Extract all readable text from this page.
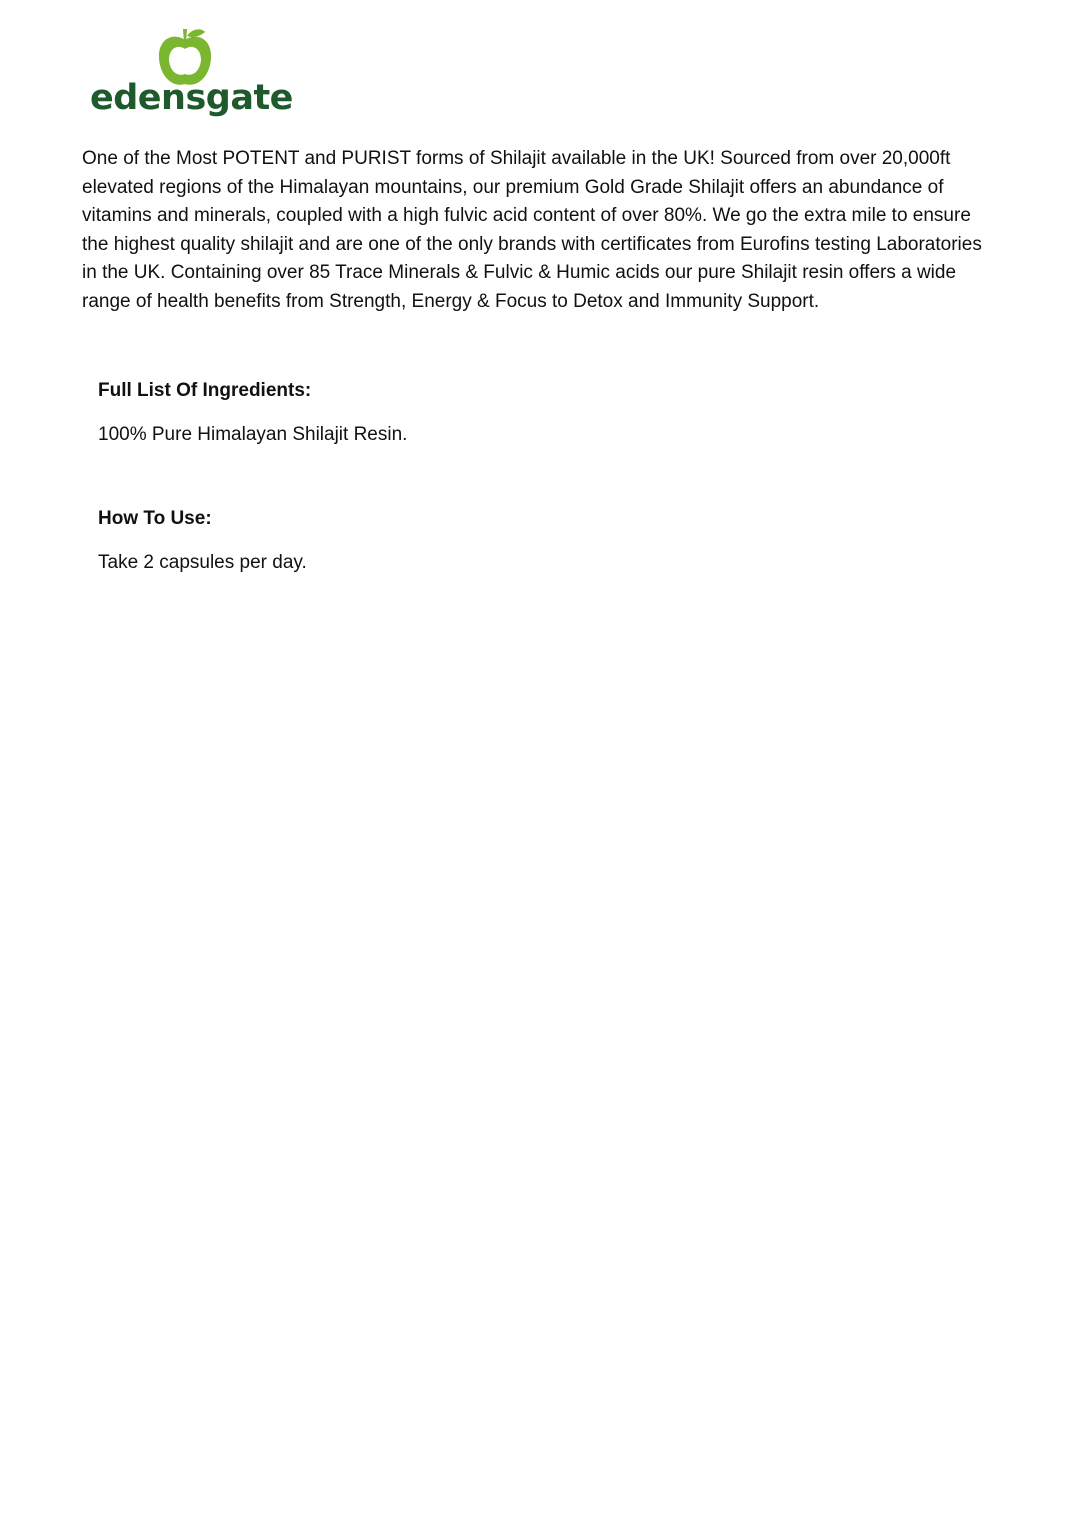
edensgate

One of the Most POTENT and PURIST forms of Shilajit available in the UK! Sourced from over 20,000ft elevated regions of the Himalayan mountains, our premium Gold Grade Shilajit offers an abundance of vitamins and minerals, coupled with a high fulvic acid content of over 80%. We go the extra mile to ensure the highest quality shilajit and are one of the only brands with certificates from Eurofins testing Laboratories in the UK. Containing over 85 Trace Minerals & Fulvic & Humic acids our pure Shilajit resin offers a wide range of health benefits from Strength, Energy & Focus to Detox and Immunity Support.

Full List Of Ingredients:

100% Pure Himalayan Shilajit Resin.

How To Use:

Take 2 capsules per day.
